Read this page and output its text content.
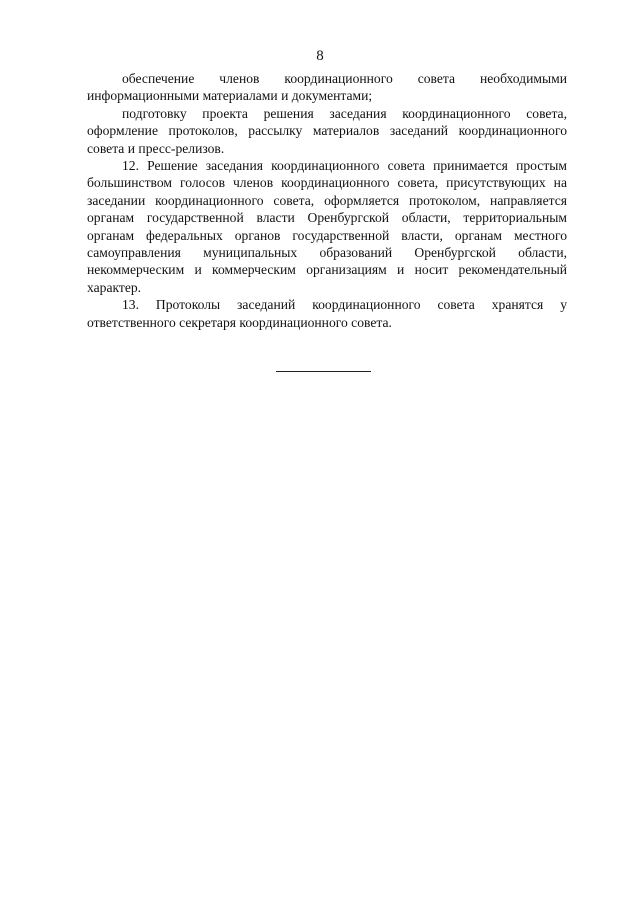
8

обеспечение членов координационного совета необходимыми информационными материалами и документами;

подготовку проекта решения заседания координационного совета, оформление протоколов, рассылку материалов заседаний координационного совета и пресс-релизов.

12. Решение заседания координационного совета принимается простым большинством голосов членов координационного совета, присутствующих на заседании координационного совета, оформляется протоколом, направляется органам государственной власти Оренбургской области, территориальным органам федеральных органов государственной власти, органам местного самоуправления муниципальных образований Оренбургской области, некоммерческим и коммерческим организациям и носит рекомендательный характер.

13. Протоколы заседаний координационного совета хранятся у ответственного секретаря координационного совета.
